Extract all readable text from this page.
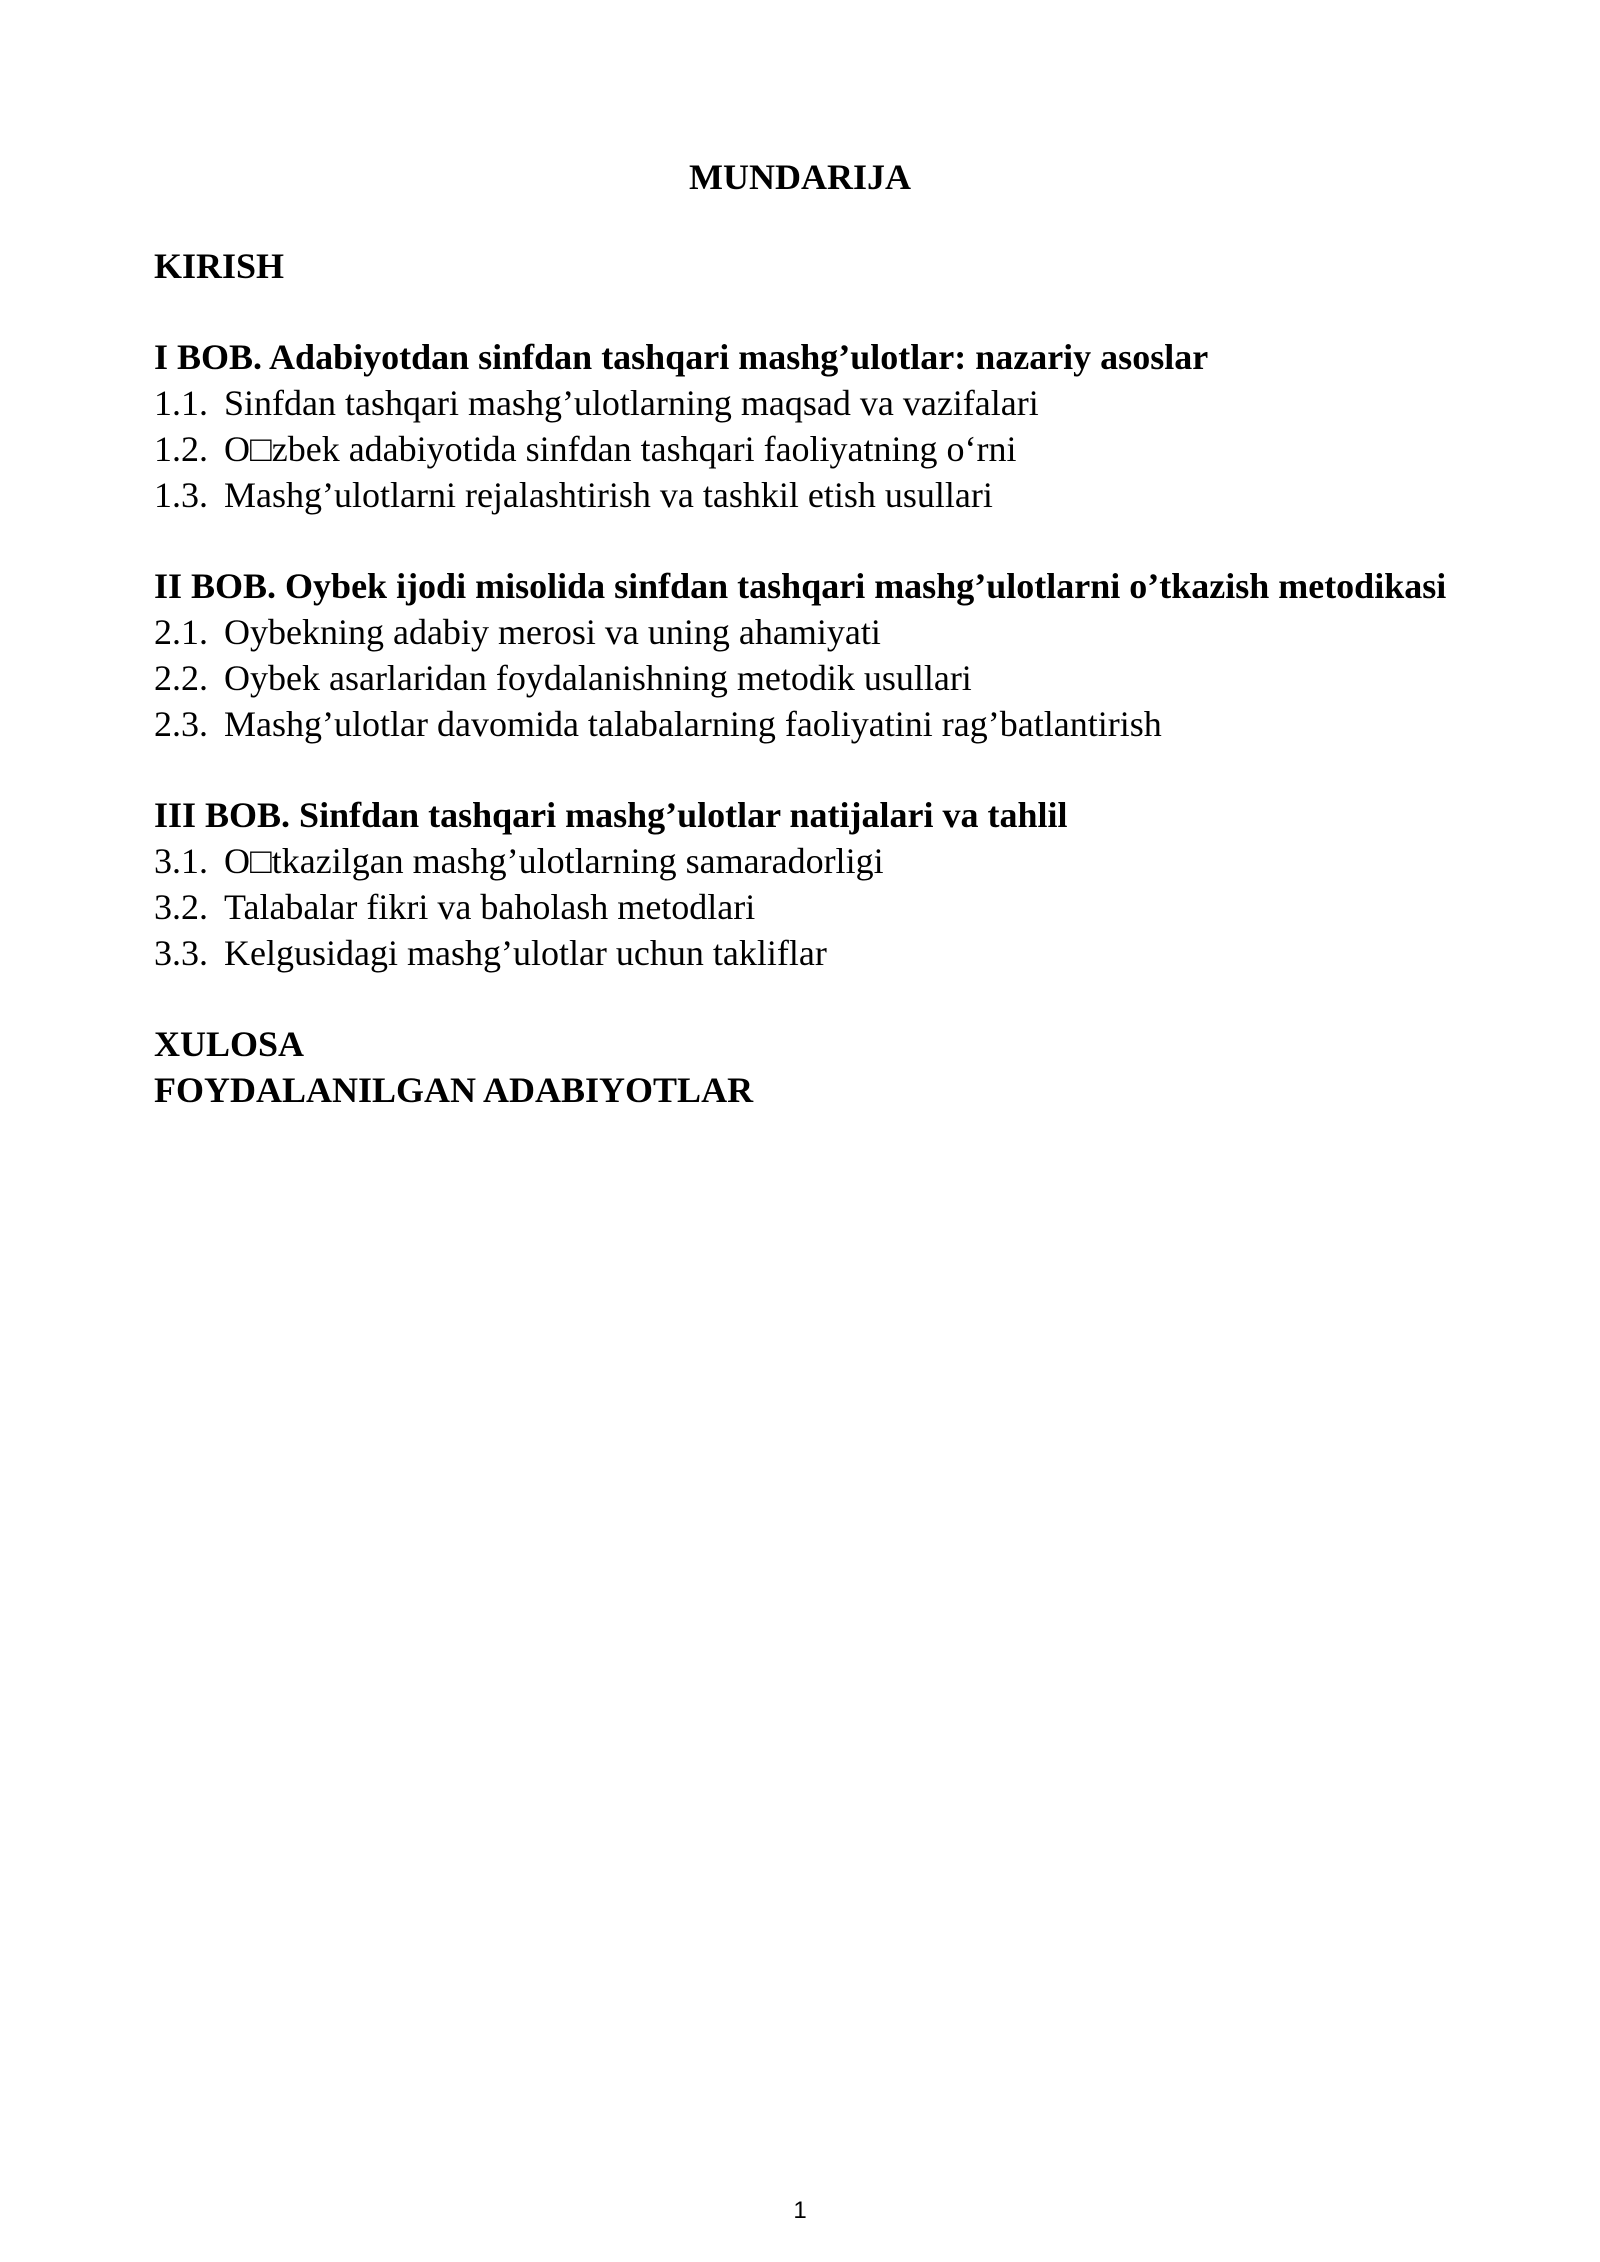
MUNDARIJA

KIRISH

I BOB. Adabiyotdan sinfdan tashqari mashg’ulotlar: nazariy asoslar

1.1. Sinfdan tashqari mashg’ulotlarning maqsad va vazifalari

1.2. O□zbek adabiyotida sinfdan tashqari faoliyatning o‘rni

1.3. Mashg’ulotlarni rejalashtirish va tashkil etish usullari

II BOB. Oybek ijodi misolida sinfdan tashqari mashg’ulotlarni o’tkazish metodikasi

2.1. Oybekning adabiy merosi va uning ahamiyati

2.2. Oybek asarlaridan foydalanishning metodik usullari

2.3. Mashg’ulotlar davomida talabalarning faoliyatini rag’batlantirish

III BOB. Sinfdan tashqari mashg’ulotlar natijalari va tahlil

3.1. O□tkazilgan mashg’ulotlarning samaradorligi

3.2. Talabalar fikri va baholash metodlari

3.3. Kelgusidagi mashg’ulotlar uchun takliflar

XULOSA

FOYDALANILGAN ADABIYOTLAR

1
